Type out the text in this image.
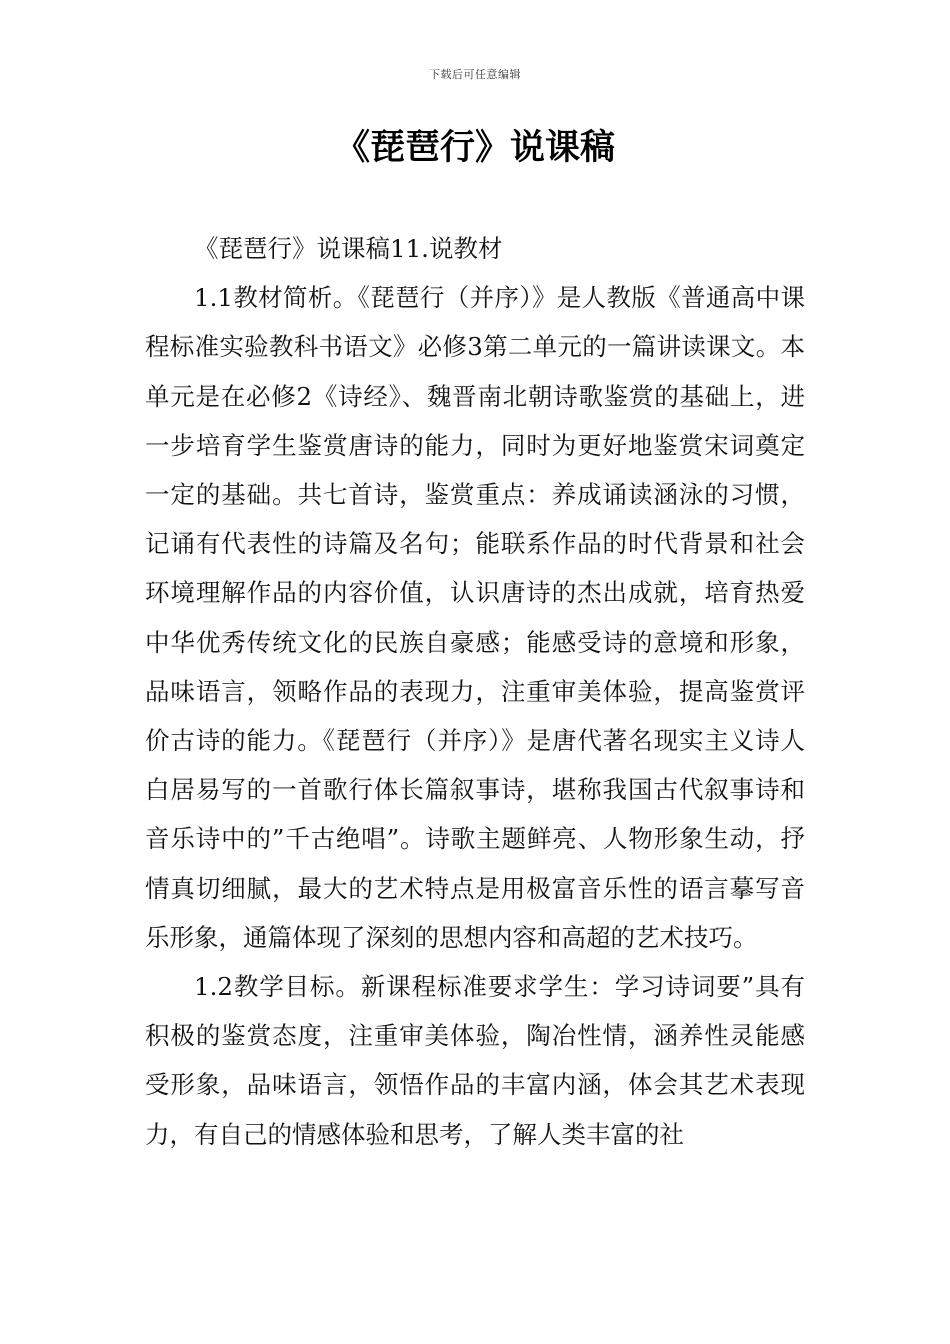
下载后可任意编辑
《琵琶行》说课稿

《琵琶行》说课稿11.说教材

1.1教材简析。《琵琶行（并序）》是人教版《普通高中课程标准实验教科书语文》必修3第二单元的一篇讲读课文。本单元是在必修2《诗经》、魏晋南北朝诗歌鉴赏的基础上，进一步培育学生鉴赏唐诗的能力，同时为更好地鉴赏宋词奠定一定的基础。共七首诗，鉴赏重点：养成诵读涵泳的习惯，记诵有代表性的诗篇及名句；能联系作品的时代背景和社会环境理解作品的内容价值，认识唐诗的杰出成就，培育热爱中华优秀传统文化的民族自豪感；能感受诗的意境和形象，品味语言，领略作品的表现力，注重审美体验，提高鉴赏评价古诗的能力。《琵琶行（并序）》是唐代著名现实主义诗人白居易写的一首歌行体长篇叙事诗，堪称我国古代叙事诗和音乐诗中的”千古绝唱”。诗歌主题鲜亮、人物形象生动，抒情真切细腻，最大的艺术特点是用极富音乐性的语言摹写音乐形象，通篇体现了深刻的思想内容和高超的艺术技巧。

1.2教学目标。新课程标准要求学生：学习诗词要”具有积极的鉴赏态度，注重审美体验，陶冶性情，涵养性灵能感受形象，品味语言，领悟作品的丰富内涵，体会其艺术表现力，有自己的情感体验和思考，了解人类丰富的社
